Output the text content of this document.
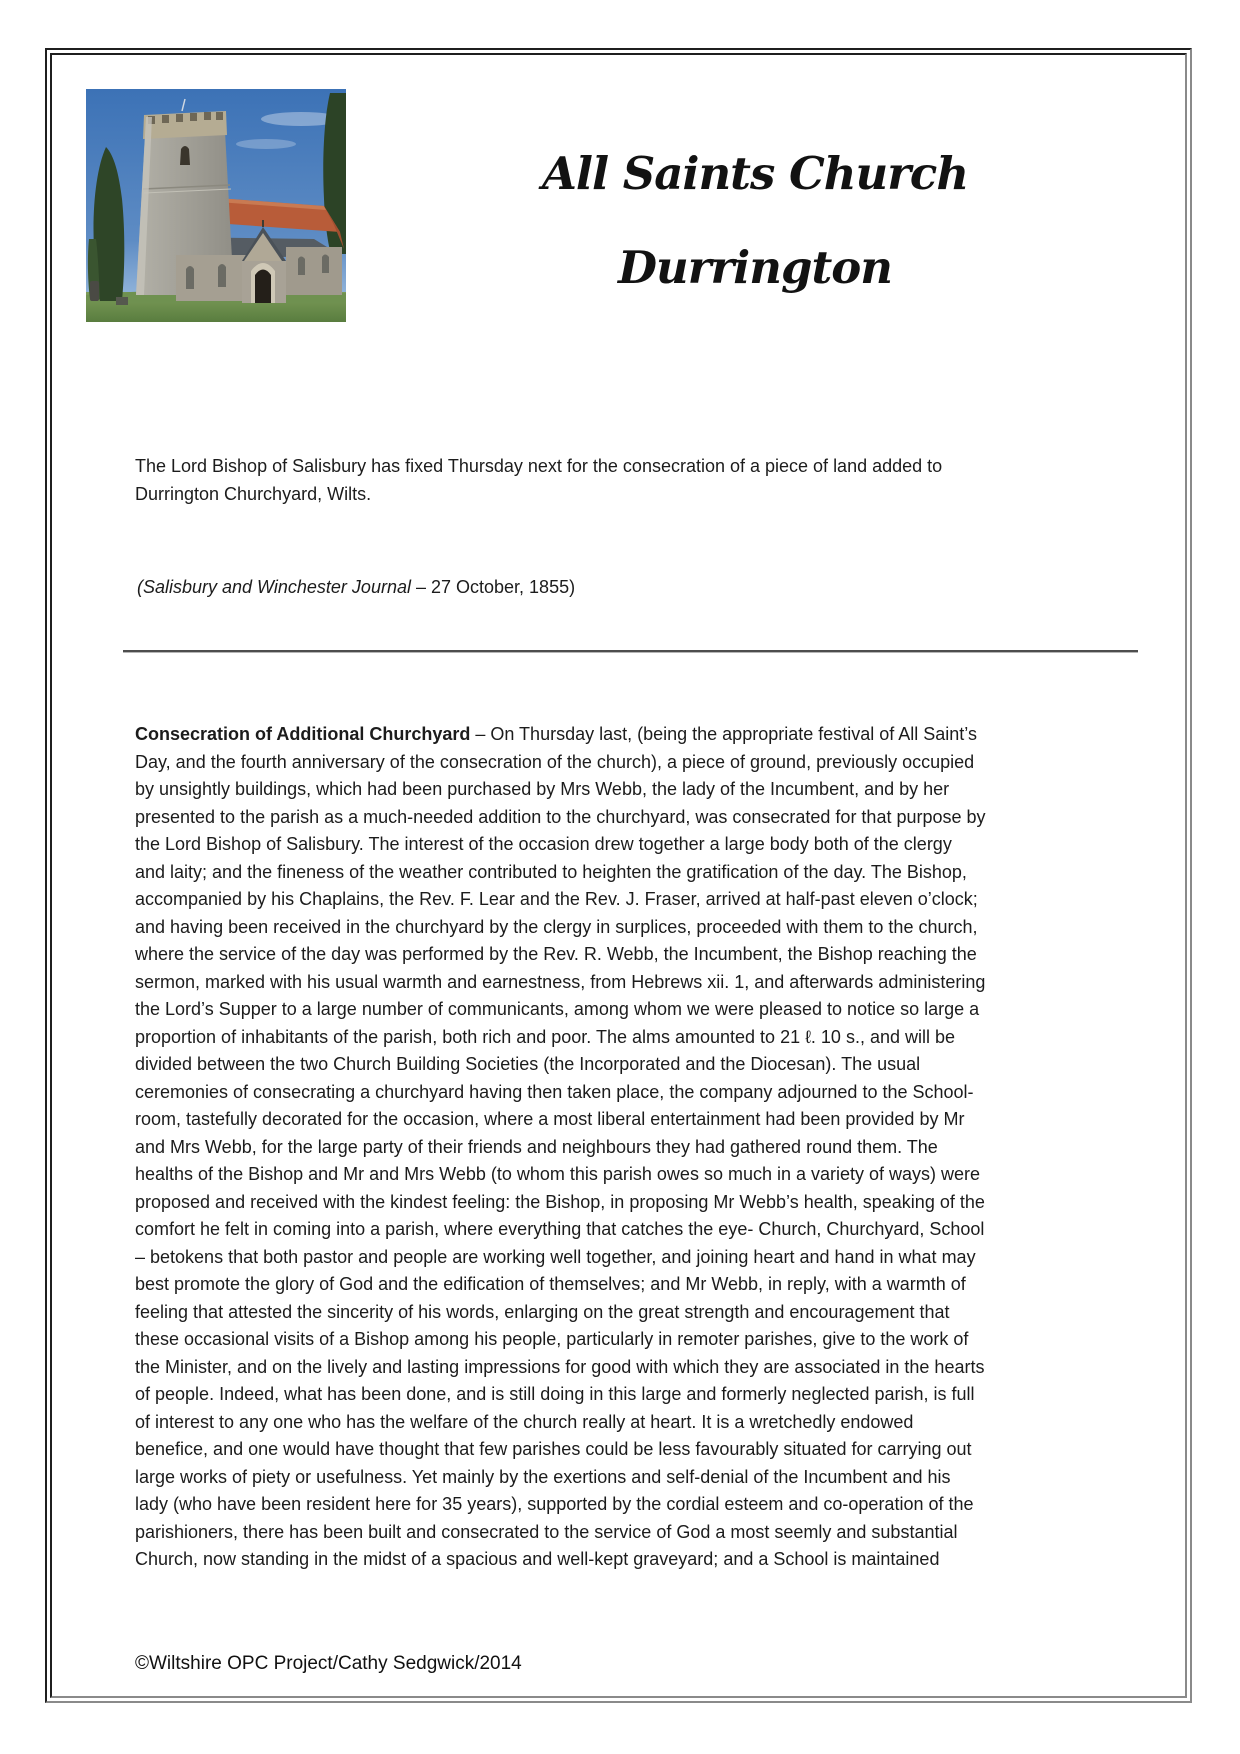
All Saints Church
Durrington
The Lord Bishop of Salisbury has fixed Thursday next for the consecration of a piece of land added to
Durrington Churchyard, Wilts.
(Salisbury and Winchester Journal – 27 October, 1855)
Consecration of Additional Churchyard – On Thursday last, (being the appropriate festival of All Saint’s
Day, and the fourth anniversary of the consecration of the church), a piece of ground, previously occupied
by unsightly buildings, which had been purchased by Mrs Webb, the lady of the Incumbent, and by her
presented to the parish as a much-needed addition to the churchyard, was consecrated for that purpose by
the Lord Bishop of Salisbury. The interest of the occasion drew together a large body both of the clergy
and laity; and the fineness of the weather contributed to heighten the gratification of the day. The Bishop,
accompanied by his Chaplains, the Rev. F. Lear and the Rev. J. Fraser, arrived at half-past eleven o’clock;
and having been received in the churchyard by the clergy in surplices, proceeded with them to the church,
where the service of the day was performed by the Rev. R. Webb, the Incumbent, the Bishop reaching the
sermon, marked with his usual warmth and earnestness, from Hebrews xii. 1, and afterwards administering
the Lord’s Supper to a large number of communicants, among whom we were pleased to notice so large a
proportion of inhabitants of the parish, both rich and poor. The alms amounted to 21 ℓ. 10 s., and will be
divided between the two Church Building Societies (the Incorporated and the Diocesan). The usual
ceremonies of consecrating a churchyard having then taken place, the company adjourned to the School-
room, tastefully decorated for the occasion, where a most liberal entertainment had been provided by Mr
and Mrs Webb, for the large party of their friends and neighbours they had gathered round them. The
healths of the Bishop and Mr and Mrs Webb (to whom this parish owes so much in a variety of ways) were
proposed and received with the kindest feeling: the Bishop, in proposing Mr Webb’s health, speaking of the
comfort he felt in coming into a parish, where everything that catches the eye- Church, Churchyard, School
– betokens that both pastor and people are working well together, and joining heart and hand in what may
best promote the glory of God and the edification of themselves; and Mr Webb, in reply, with a warmth of
feeling that attested the sincerity of his words, enlarging on the great strength and encouragement that
these occasional visits of a Bishop among his people, particularly in remoter parishes, give to the work of
the Minister, and on the lively and lasting impressions for good with which they are associated in the hearts
of people. Indeed, what has been done, and is still doing in this large and formerly neglected parish, is full
of interest to any one who has the welfare of the church really at heart. It is a wretchedly endowed
benefice, and one would have thought that few parishes could be less favourably situated for carrying out
large works of piety or usefulness. Yet mainly by the exertions and self-denial of the Incumbent and his
lady (who have been resident here for 35 years), supported by the cordial esteem and co-operation of the
parishioners, there has been built and consecrated to the service of God a most seemly and substantial
Church, now standing in the midst of a spacious and well-kept graveyard; and a School is maintained
©Wiltshire OPC Project/Cathy Sedgwick/2014
